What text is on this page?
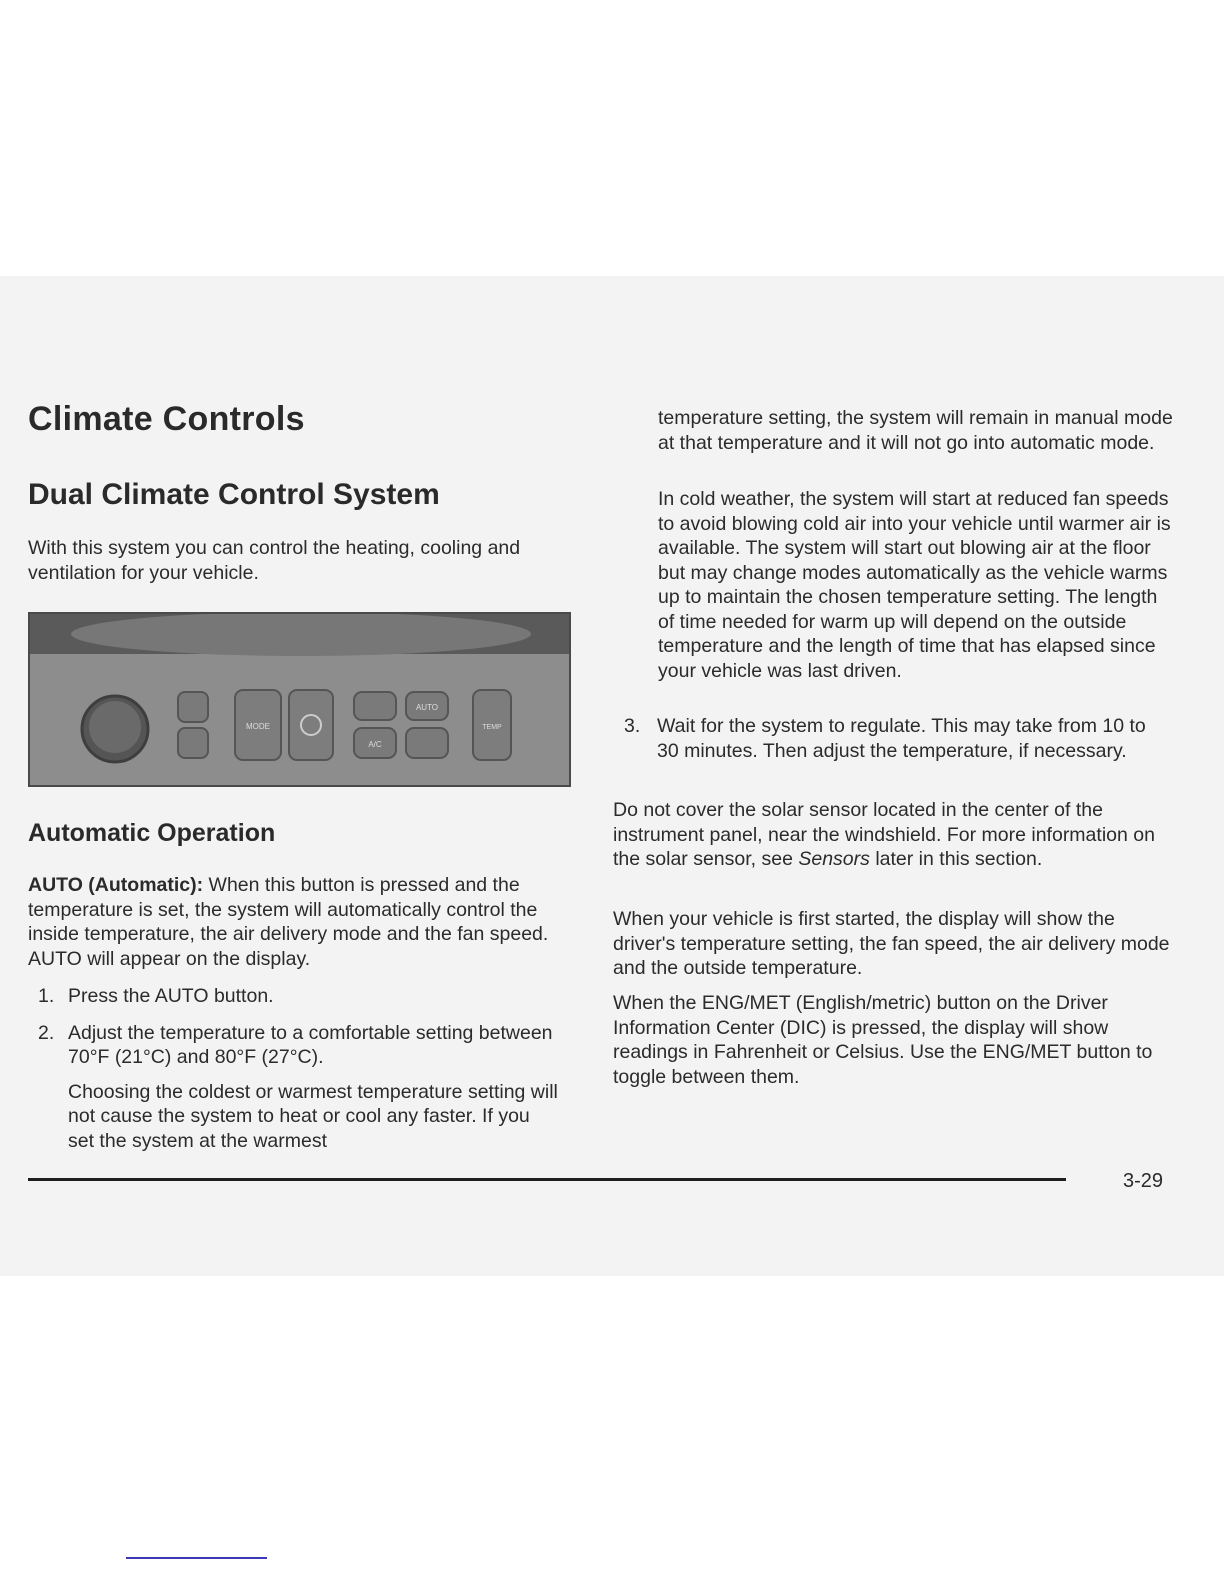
Climate Controls
Dual Climate Control System

With this system you can control the heating, cooling and ventilation for your vehicle.

MODE
AUTO
A/C
TEMP
Automatic Operation

AUTO (Automatic): When this button is pressed and the temperature is set, the system will automatically control the inside temperature, the air delivery mode and the fan speed. AUTO will appear on the display.

1. Press the AUTO button.
2. Adjust the temperature to a comfortable setting between 70°F (21°C) and 80°F (27°C).

Choosing the coldest or warmest temperature setting will not cause the system to heat or cool any faster. If you set the system at the warmest

temperature setting, the system will remain in manual mode at that temperature and it will not go into automatic mode.

In cold weather, the system will start at reduced fan speeds to avoid blowing cold air into your vehicle until warmer air is available. The system will start out blowing air at the floor but may change modes automatically as the vehicle warms up to maintain the chosen temperature setting. The length of time needed for warm up will depend on the outside temperature and the length of time that has elapsed since your vehicle was last driven.

3. Wait for the system to regulate. This may take from 10 to 30 minutes. Then adjust the temperature, if necessary.

Do not cover the solar sensor located in the center of the instrument panel, near the windshield. For more information on the solar sensor, see Sensors later in this section.

When your vehicle is first started, the display will show the driver's temperature setting, the fan speed, the air delivery mode and the outside temperature.

When the ENG/MET (English/metric) button on the Driver Information Center (DIC) is pressed, the display will show readings in Fahrenheit or Celsius. Use the ENG/MET button to toggle between them.

3-29
